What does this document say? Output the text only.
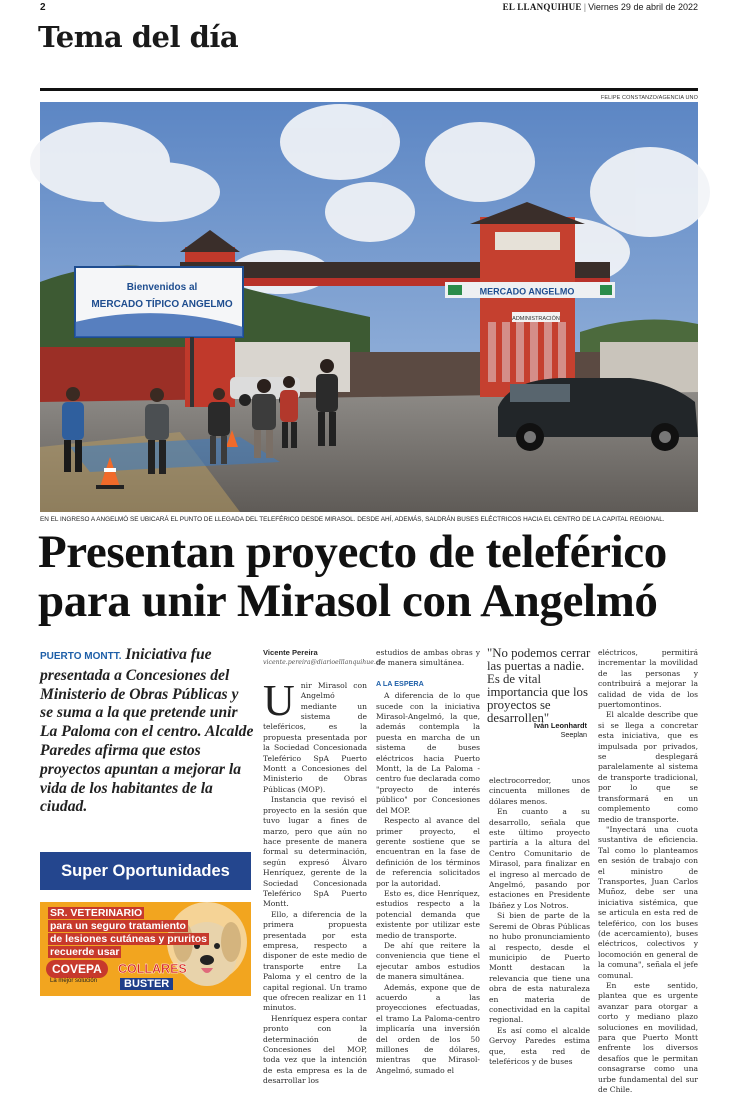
2	EL LLANQUIHUE | Viernes 29 de abril de 2022
Tema del día
FELIPE CONSTANZO/AGENCIA UNO
MERCADO ANGELMO
ADMINISTRACIÓN
Bienvenidos al
MERCADO TÍPICO ANGELMO
EN EL INGRESO A ANGELMÓ SE UBICARÁ EL PUNTO DE LLEGADA DEL TELEFÉRICO DESDE MIRASOL. DESDE AHÍ, ADEMÁS, SALDRÁN BUSES ELÉCTRICOS HACIA EL CENTRO DE LA CAPITAL REGIONAL.
Presentan proyecto de teleférico
para unir Mirasol con Angelmó
PUERTO MONTT. Iniciativa fue presentada a Concesiones del Ministerio de Obras Públicas y se suma a la que pretende unir La Paloma con el centro. Alcalde Paredes afirma que estos proyectos apuntan a mejorar la vida de los habitantes de la ciudad.
Super Oportunidades
SR. VETERINARIO
para un seguro tratamiento
de lesiones cutáneas y pruritos
recuerde usar
COVEPA
La mejor solución
COLLARES
BUSTER
Vicente Pereira
vicente.pereira@diarioelllanquihue.cl

Unir Mirasol con Angelmó mediante un sistema de teleféricos, es la propuesta presentada por la Sociedad Concesionada Teleférico SpA Puerto Montt a Concesiones del Ministerio de Obras Públicas (MOP).

Instancia que revisó el proyecto en la sesión que tuvo lugar a fines de marzo, pero que aún no hace presente de manera formal su determinación, según expresó Álvaro Henríquez, gerente de la Sociedad Concesionada Teleférico SpA Puerto Montt.

Ello, a diferencia de la primera propuesta presentada por esta empresa, respecto a disponer de este medio de transporte entre La Paloma y el centro de la capital regional. Un tramo que ofrecen realizar en 11 minutos.

Henríquez espera contar pronto con la determinación de Concesiones del MOP, toda vez que la intención de esta empresa es la de desarrollar los

estudios de ambas obras y de manera simultánea.

A LA ESPERA

A diferencia de lo que sucede con la iniciativa Mirasol-Angelmó, la que, además contempla la puesta en marcha de un sistema de buses eléctricos hacia Puerto Montt, la de La Paloma - centro fue declarada como "proyecto de interés público" por Concesiones del MOP.

Respecto al avance del primer proyecto, el gerente sostiene que se encuentran en la fase de definición de los términos de referencia solicitados por la autoridad.

Esto es, dice Henríquez, estudios respecto a la potencial demanda que existente por utilizar este medio de transporte.

De ahí que reitere la conveniencia que tiene el ejecutar ambos estudios de manera simultánea.

Además, expone que de acuerdo a las proyecciones efectuadas, el tramo La Paloma-centro implicaría una inversión del orden de los 50 millones de dólares, mientras que Mirasol-Angelmó, sumado el

"No podemos cerrar las puertas a nadie. Es de vital importancia que los proyectos se desarrollen"
Iván Leonhardt
Seeplan

electrocorredor, unos cincuenta millones de dólares menos.

En cuanto a su desarrollo, señala que este último proyecto partiría a la altura del Centro Comunitario de Mirasol, para finalizar en el ingreso al mercado de Angelmó, pasando por estaciones en Presidente Ibáñez y Los Notros.

Si bien de parte de la Seremi de Obras Públicas no hubo pronunciamiento al respecto, desde el municipio de Puerto Montt destacan la relevancia que tiene una obra de esta naturaleza en materia de conectividad en la capital regional.

Es así como el alcalde Gervoy Paredes estima que, esta red de teleféricos y de buses

eléctricos, permitirá incrementar la movilidad de las personas y contribuirá a mejorar la calidad de vida de los puertomontinos.

El alcalde describe que si se llega a concretar esta iniciativa, que es impulsada por privados, se desplegará paralelamente al sistema de transporte tradicional, por lo que se transformará en un complemento como medio de transporte.

"Inyectará una cuota sustantiva de eficiencia. Tal como lo planteamos en sesión de trabajo con el ministro de Transportes, Juan Carlos Muñoz, debe ser una iniciativa sistémica, que se articula en esta red de teleférico, con los buses (de acercamiento), buses eléctricos, colectivos y locomoción en general de la comuna", señala el jefe comunal.

En este sentido, plantea que es urgente avanzar para otorgar a corto y mediano plazo soluciones en movilidad, para que Puerto Montt enfrente los diversos desafíos que le permitan consagrarse como una urbe fundamental del sur de Chile.
